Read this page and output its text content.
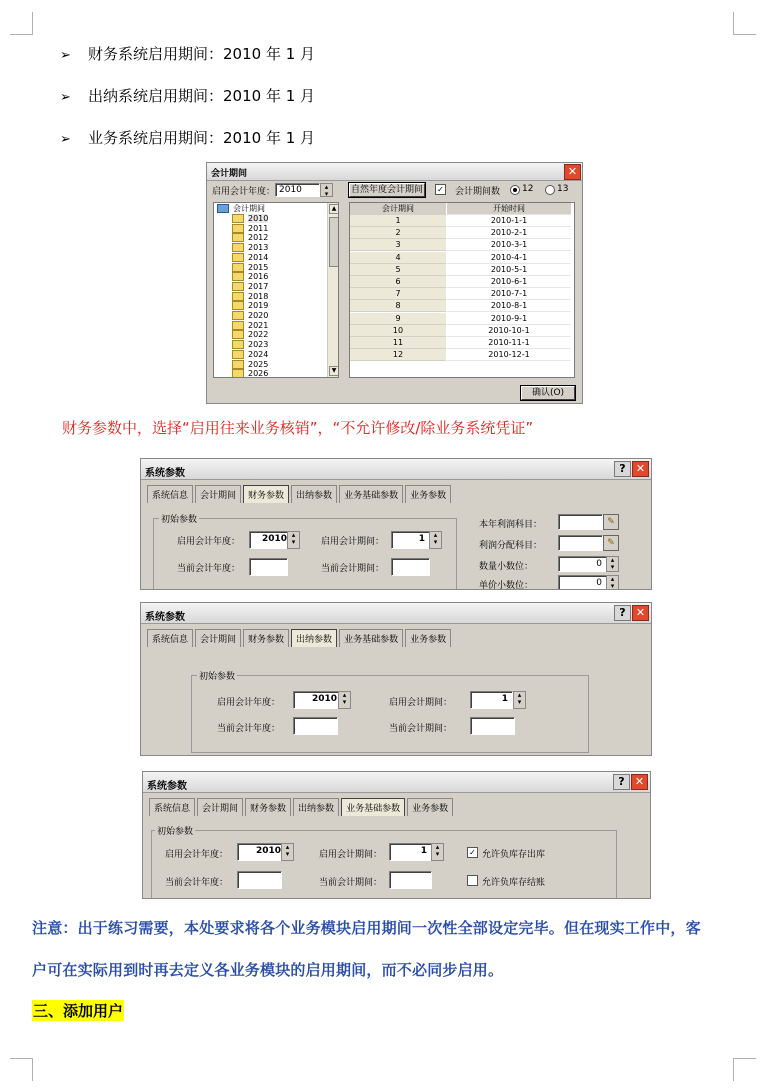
➢ 财务系统启用期间：2010 年 1 月
➢ 出纳系统启用期间：2010 年 1 月
➢ 业务系统启用期间：2010 年 1 月
会计期间	✕
启用会计年度： 2010	▴
▾	自然年度会计期间 ✓ 会计期间数 12	13
会计期间
2010
2011
2012
2013
2014
2015
2016
2017
2018
2019
2020
2021
2022
2023
2024
2025
2026
▲
▼
会计期间	开始时间
1	2010-1-1
2	2010-2-1
3	2010-3-1
4	2010-4-1
5	2010-5-1
6	2010-6-1
7	2010-7-1
8	2010-8-1
9	2010-9-1
10	2010-10-1
11	2010-11-1
12	2010-12-1
确认(O)
财务参数中，选择“启用往来业务核销”，“不允许修改/除业务系统凭证”
系统参数	? ✕
系统信息	会计期间	财务参数	出纳参数	业务基础参数	业务参数
初始参数
启用会计年度：	2010 ▴
▾	启用会计期间：	1	▴
▾
当前会计年度：	当前会计期间：
本年利润科目：	✎
利润分配科目：	✎
数量小数位：	0	▴
▾
单价小数位：	0	▴
▾
系统参数	? ✕
系统信息	会计期间	财务参数	出纳参数	业务基础参数	业务参数
初始参数
启用会计年度：	2010 ▴
▾	启用会计期间：	1	▴
▾
当前会计年度：	当前会计期间：
系统参数	? ✕
系统信息	会计期间	财务参数	出纳参数	业务基础参数	业务参数
初始参数
启用会计年度：	2010 ▴
▾	启用会计期间：	1	▴
▾	✓ 允许负库存出库
当前会计年度：	当前会计期间：	允许负库存结账
注意：出于练习需要，本处要求将各个业务模块启用期间一次性全部设定完毕。但在现实工作中，客
户可在实际用到时再去定义各业务模块的启用期间，而不必同步启用。
三、添加用户
